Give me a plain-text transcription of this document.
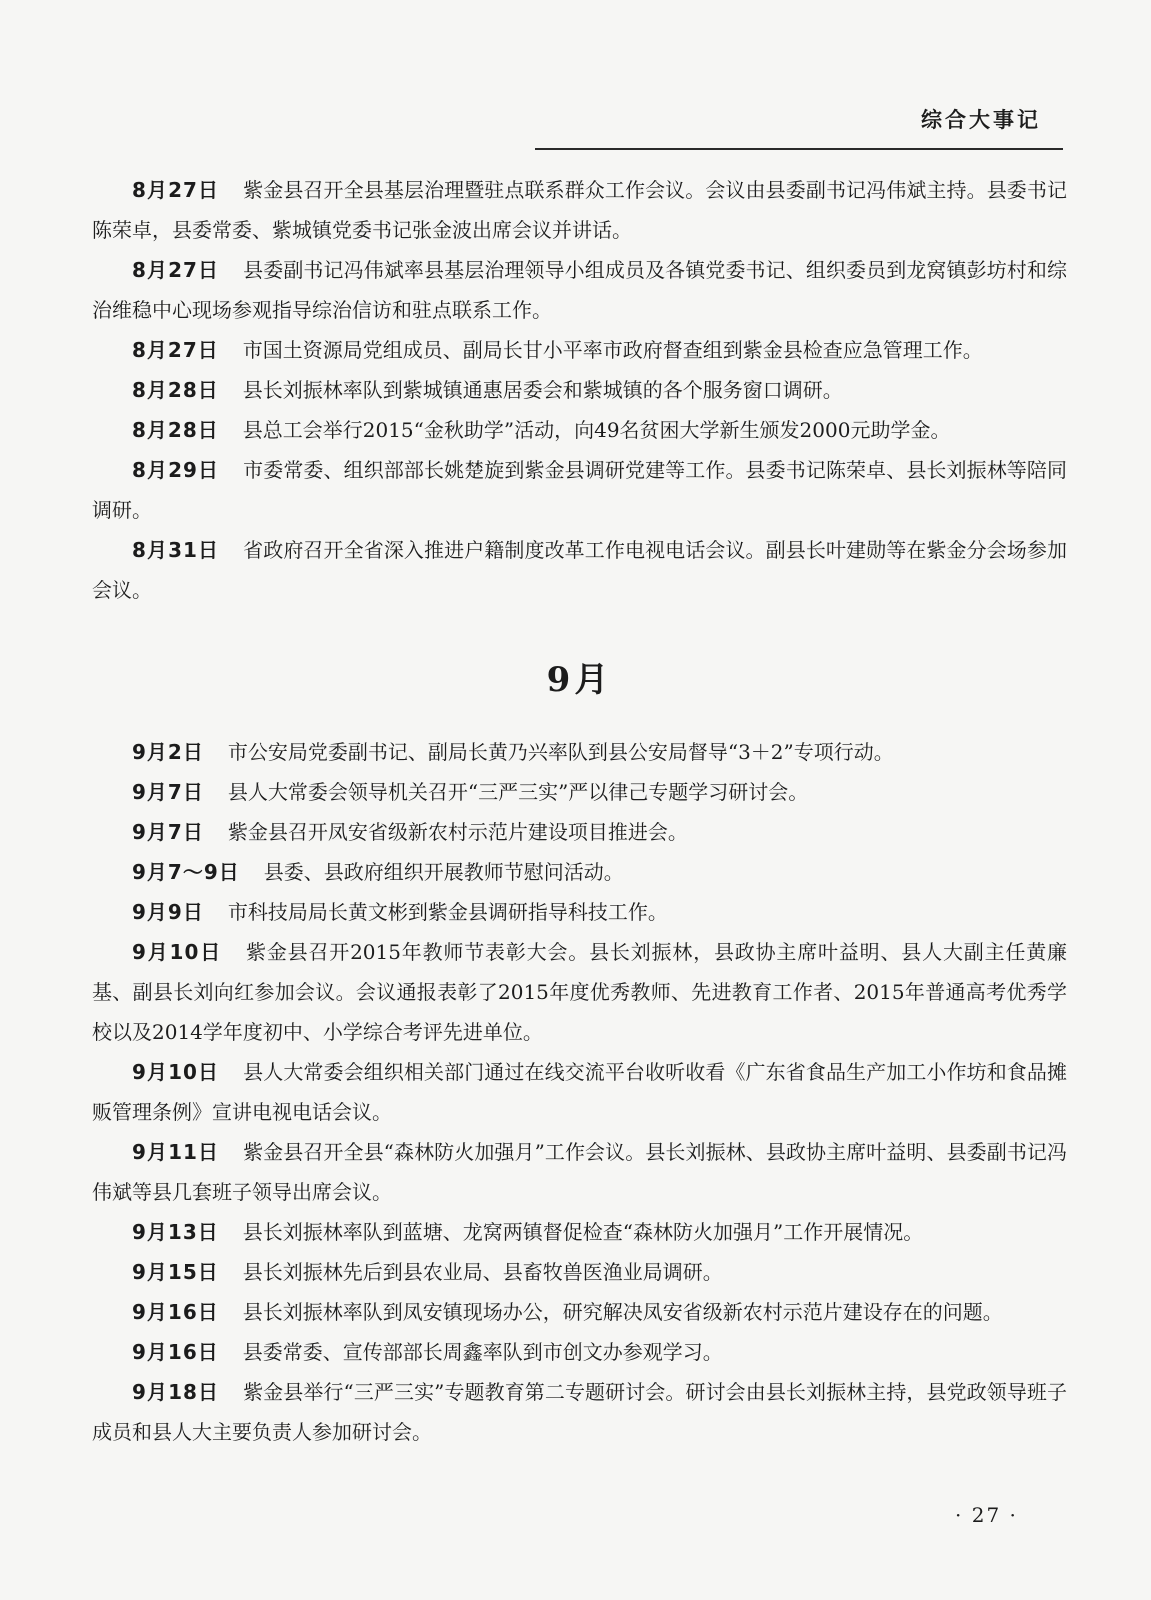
综合大事记

8月27日 紫金县召开全县基层治理暨驻点联系群众工作会议。会议由县委副书记冯伟斌主持。县委书记陈荣卓，县委常委、紫城镇党委书记张金波出席会议并讲话。

8月27日 县委副书记冯伟斌率县基层治理领导小组成员及各镇党委书记、组织委员到龙窝镇彭坊村和综治维稳中心现场参观指导综治信访和驻点联系工作。

8月27日 市国土资源局党组成员、副局长甘小平率市政府督查组到紫金县检查应急管理工作。

8月28日 县长刘振林率队到紫城镇通惠居委会和紫城镇的各个服务窗口调研。

8月28日 县总工会举行2015“金秋助学”活动，向49名贫困大学新生颁发2000元助学金。

8月29日 市委常委、组织部部长姚楚旋到紫金县调研党建等工作。县委书记陈荣卓、县长刘振林等陪同调研。

8月31日 省政府召开全省深入推进户籍制度改革工作电视电话会议。副县长叶建勋等在紫金分会场参加会议。

9月

9月2日 市公安局党委副书记、副局长黄乃兴率队到县公安局督导“3＋2”专项行动。

9月7日 县人大常委会领导机关召开“三严三实”严以律己专题学习研讨会。

9月7日 紫金县召开凤安省级新农村示范片建设项目推进会。

9月7～9日 县委、县政府组织开展教师节慰问活动。

9月9日 市科技局局长黄文彬到紫金县调研指导科技工作。

9月10日 紫金县召开2015年教师节表彰大会。县长刘振林，县政协主席叶益明、县人大副主任黄廉基、副县长刘向红参加会议。会议通报表彰了2015年度优秀教师、先进教育工作者、2015年普通高考优秀学校以及2014学年度初中、小学综合考评先进单位。

9月10日 县人大常委会组织相关部门通过在线交流平台收听收看《广东省食品生产加工小作坊和食品摊贩管理条例》宣讲电视电话会议。

9月11日 紫金县召开全县“森林防火加强月”工作会议。县长刘振林、县政协主席叶益明、县委副书记冯伟斌等县几套班子领导出席会议。

9月13日 县长刘振林率队到蓝塘、龙窝两镇督促检查“森林防火加强月”工作开展情况。

9月15日 县长刘振林先后到县农业局、县畜牧兽医渔业局调研。

9月16日 县长刘振林率队到凤安镇现场办公，研究解决凤安省级新农村示范片建设存在的问题。

9月16日 县委常委、宣传部部长周鑫率队到市创文办参观学习。

9月18日 紫金县举行“三严三实”专题教育第二专题研讨会。研讨会由县长刘振林主持，县党政领导班子成员和县人大主要负责人参加研讨会。

· 27 ·
